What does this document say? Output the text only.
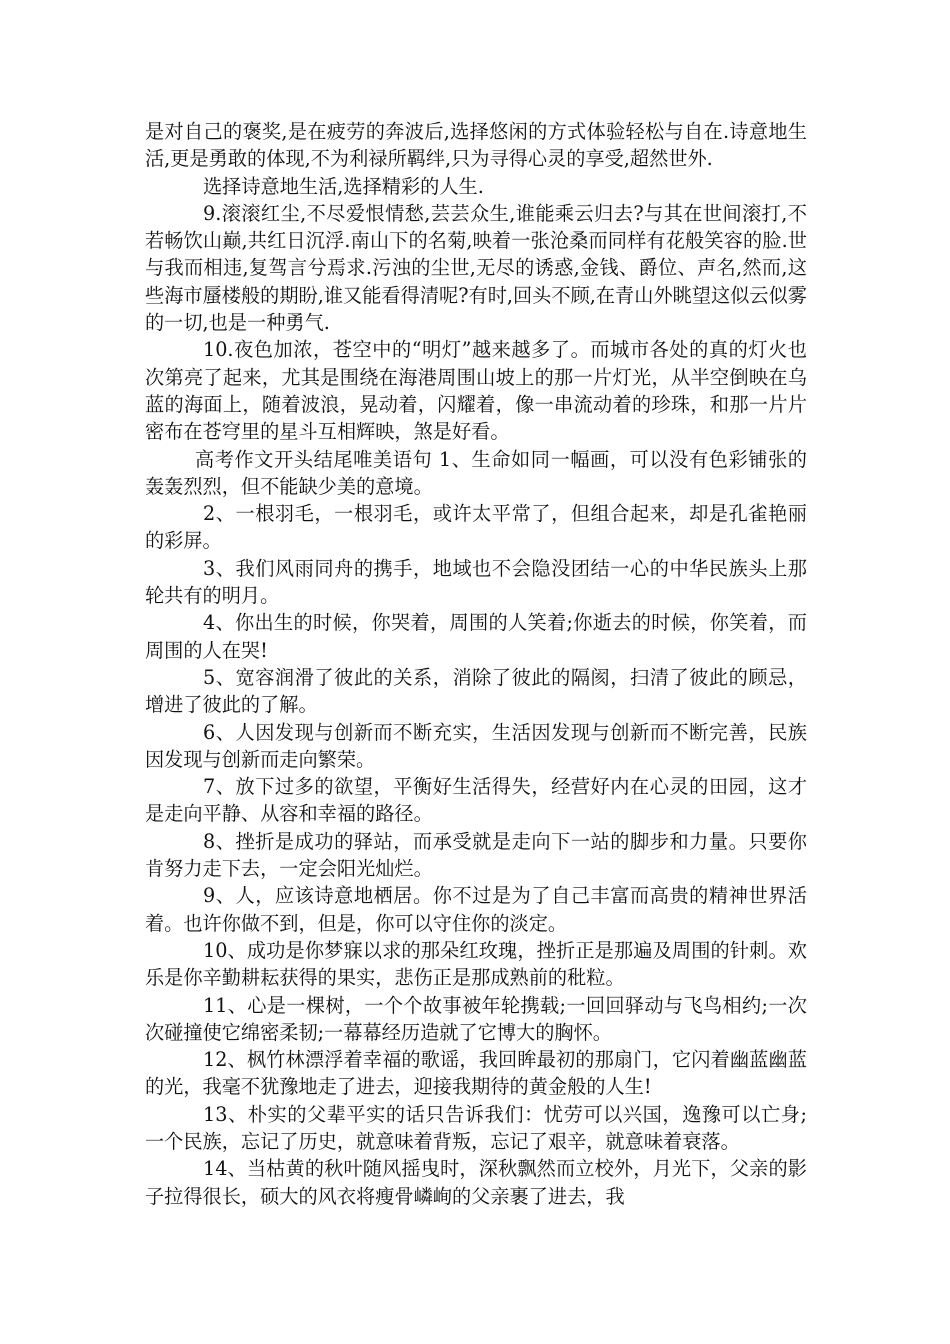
是对自己的褒奖,是在疲劳的奔波后,选择悠闲的方式体验轻松与自在.诗意地生活,更是勇敢的体现,不为利禄所羁绊,只为寻得心灵的享受,超然世外.

选择诗意地生活,选择精彩的人生.

9.滚滚红尘,不尽爱恨情愁,芸芸众生,谁能乘云归去?与其在世间滚打,不若畅饮山巅,共红日沉浮.南山下的名菊,映着一张沧桑而同样有花般笑容的脸.世与我而相违,复驾言兮焉求.污浊的尘世,无尽的诱惑,金钱、爵位、声名,然而,这些海市蜃楼般的期盼,谁又能看得清呢?有时,回头不顾,在青山外眺望这似云似雾的一切,也是一种勇气.

10.夜色加浓，苍空中的“明灯”越来越多了。而城市各处的真的灯火也次第亮了起来，尤其是围绕在海港周围山坡上的那一片灯光，从半空倒映在乌蓝的海面上，随着波浪，晃动着，闪耀着，像一串流动着的珍珠，和那一片片密布在苍穹里的星斗互相辉映，煞是好看。

高考作文开头结尾唯美语句 1、生命如同一幅画，可以没有色彩铺张的轰轰烈烈，但不能缺少美的意境。

2、一根羽毛，一根羽毛，或许太平常了，但组合起来，却是孔雀艳丽的彩屏。

3、我们风雨同舟的携手，地域也不会隐没团结一心的中华民族头上那轮共有的明月。

4、你出生的时候，你哭着，周围的人笑着;你逝去的时候，你笑着，而周围的人在哭!

5、宽容润滑了彼此的关系，消除了彼此的隔阂，扫清了彼此的顾忌，增进了彼此的了解。

6、人因发现与创新而不断充实，生活因发现与创新而不断完善，民族因发现与创新而走向繁荣。

7、放下过多的欲望，平衡好生活得失，经营好内在心灵的田园，这才是走向平静、从容和幸福的路径。

8、挫折是成功的驿站，而承受就是走向下一站的脚步和力量。只要你肯努力走下去，一定会阳光灿烂。

9、人，应该诗意地栖居。你不过是为了自己丰富而高贵的精神世界活着。也许你做不到，但是，你可以守住你的淡定。

10、成功是你梦寐以求的那朵红玫瑰，挫折正是那遍及周围的针刺。欢乐是你辛勤耕耘获得的果实，悲伤正是那成熟前的秕粒。

11、心是一棵树，一个个故事被年轮携载;一回回驿动与飞鸟相约;一次次碰撞使它绵密柔韧;一幕幕经历造就了它博大的胸怀。

12、枫竹林漂浮着幸福的歌谣，我回眸最初的那扇门，它闪着幽蓝幽蓝的光，我毫不犹豫地走了进去，迎接我期待的黄金般的人生!

13、朴实的父辈平实的话只告诉我们：忧劳可以兴国，逸豫可以亡身;一个民族，忘记了历史，就意味着背叛，忘记了艰辛，就意味着衰落。

14、当枯黄的秋叶随风摇曳时，深秋飘然而立校外，月光下，父亲的影子拉得很长，硕大的风衣将瘦骨嶙峋的父亲裹了进去，我
